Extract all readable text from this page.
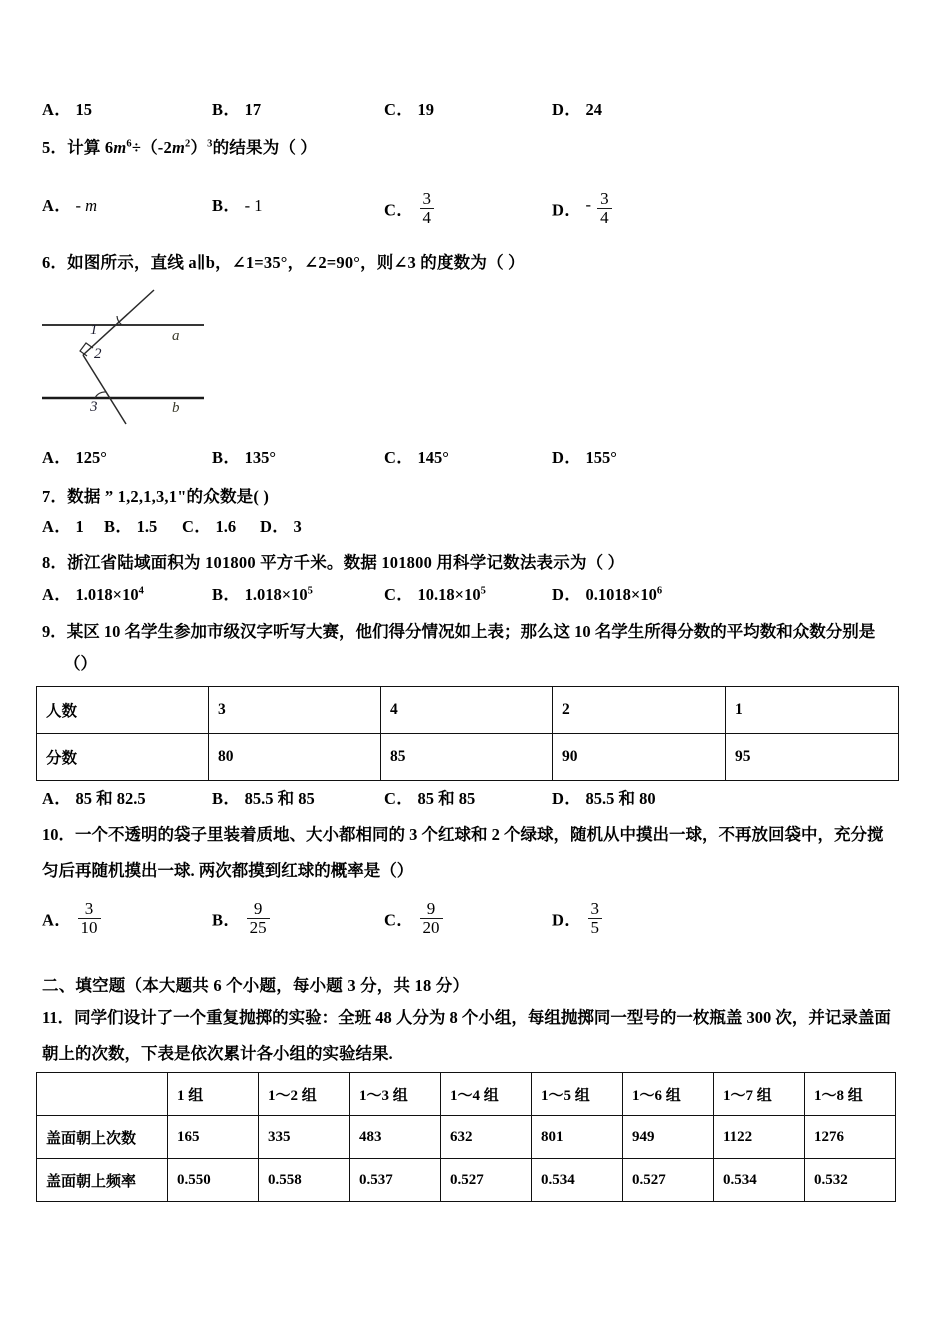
A． 15	B． 17	C． 19	D． 24
5．计算 $6m^6\div(-2m^2)^3$的结果为（ ）
A． - m	B． - 1	C． $\frac{3}{4}$	D． - $\frac{3}{4}$
6．如图所示，直线 a∥b，∠1=35°，∠2=90°，则∠3 的度数为（ ）
1
2
3
a
b
A． 125°	B． 135°	C． 145°	D． 155°
7．数据 ” 1,2,1,3,1"的众数是( )
A． 1 B． 1.5 C． 1.6 D． 3
8．浙江省陆域面积为 101800 平方千米。数据 101800 用科学记数法表示为（ ）
A． $1.018\times 10^4$	B． $1.018\times 10^5$	C． $10.18\times 10^5$	D． $0.1018\times 10^6$
9．某区 10 名学生参加市级汉字听写大赛，他们得分情况如上表；那么这 10 名学生所得分数的平均数和众数分别是
（）
人数	3	4	2	1
分数	80	85	90	95
A． 85 和 82.5	B． 85.5 和 85	C． 85 和 85	D． 85.5 和 80
10．一个不透明的袋子里装着质地、大小都相同的 3 个红球和 2 个绿球，随机从中摸出一球，不再放回袋中，充分搅
匀后再随机摸出一球. 两次都摸到红球的概率是（）
A． $\frac{3}{10}$	B． $\frac{9}{25}$	C． $\frac{9}{20}$	D． $\frac{3}{5}$
二、填空题（本大题共 6 个小题，每小题 3 分，共 18 分）
11．同学们设计了一个重复抛掷的实验：全班 48 人分为 8 个小组，每组抛掷同一型号的一枚瓶盖 300 次，并记录盖面
朝上的次数，下表是依次累计各小组的实验结果.
	1 组	1～2 组	1～3 组	1～4 组	1～5 组	1～6 组	1～7 组	1～8 组
盖面朝上次数	165	335	483	632	801	949	1122	1276
盖面朝上频率	0.550	0.558	0.537	0.527	0.534	0.527	0.534	0.532
